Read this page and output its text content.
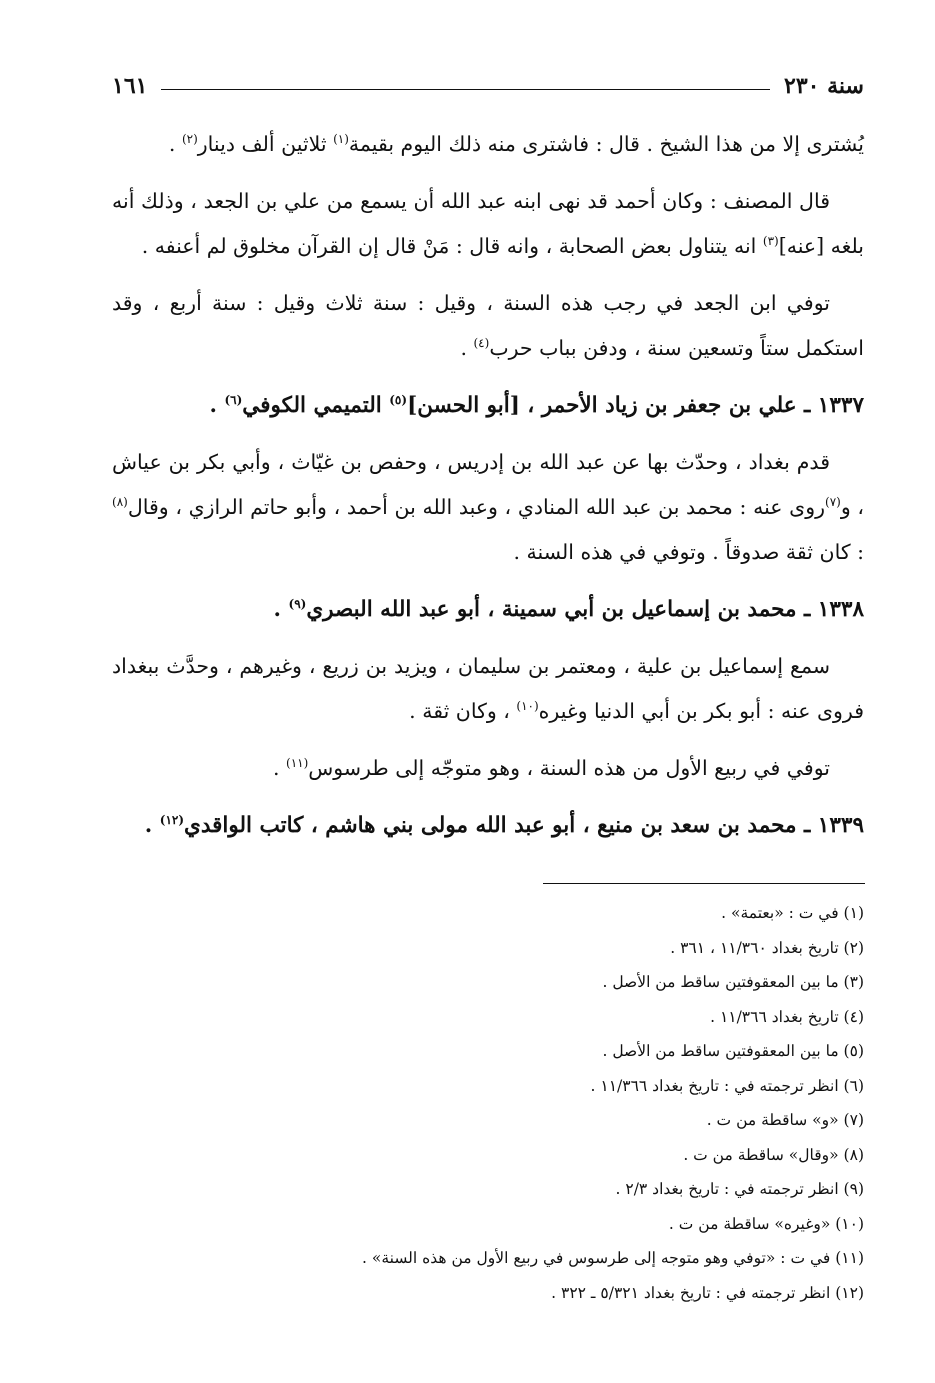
سنة ٢٣٠
١٦١

يُشترى إلا من هذا الشيخ . قال : فاشترى منه ذلك اليوم بقيمة$^{(١)}$ ثلاثين ألف دينار$^{(٢)}$ .

قال المصنف : وكان أحمد قد نهى ابنه عبد الله أن يسمع من علي بن الجعد ، وذلك أنه بلغه [عنه]$^{(٣)}$ انه يتناول بعض الصحابة ، وانه قال : مَنْ قال إن القرآن مخلوق لم أعنفه .

توفي ابن الجعد في رجب هذه السنة ، وقيل : سنة ثلاث وقيل : سنة أربع ، وقد استكمل ستاً وتسعين سنة ، ودفن بباب حرب$^{(٤)}$ .

١٣٣٧ ـ علي بن جعفر بن زياد الأحمر ، [أبو الحسن]$^{(٥)}$ التميمي الكوفي$^{(٦)}$ .

قدم بغداد ، وحدّث بها عن عبد الله بن إدريس ، وحفص بن غيّاث ، وأبي بكر بن عياش ، و$^{(٧)}$روى عنه : محمد بن عبد الله المنادي ، وعبد الله بن أحمد ، وأبو حاتم الرازي ، وقال$^{(٨)}$ : كان ثقة صدوقاً . وتوفي في هذه السنة .

١٣٣٨ ـ محمد بن إسماعيل بن أبي سمينة ، أبو عبد الله البصري$^{(٩)}$ .

سمع إسماعيل بن علية ، ومعتمر بن سليمان ، ويزيد بن زريع ، وغيرهم ، وحدَّث ببغداد فروى عنه : أبو بكر بن أبي الدنيا وغيره$^{(١٠)}$ ، وكان ثقة .

توفي في ربيع الأول من هذه السنة ، وهو متوجّه إلى طرسوس$^{(١١)}$ .

١٣٣٩ ـ محمد بن سعد بن منيع ، أبو عبد الله مولى بني هاشم ، كاتب الواقدي$^{(١٢)}$ .

(١) في ت : «بعتمة» .
(٢) تاريخ بغداد ١١/٣٦٠ ، ٣٦١ .
(٣) ما بين المعقوفتين ساقط من الأصل .
(٤) تاريخ بغداد ١١/٣٦٦ .
(٥) ما بين المعقوفتين ساقط من الأصل .
(٦) انظر ترجمته في : تاريخ بغداد ١١/٣٦٦ .
(٧) «و» ساقطة من ت .
(٨) «وقال» ساقطة من ت .
(٩) انظر ترجمته في : تاريخ بغداد ٢/٣ .
(١٠) «وغيره» ساقطة من ت .
(١١) في ت : «توفي وهو متوجه إلى طرسوس في ربيع الأول من هذه السنة» .
(١٢) انظر ترجمته في : تاريخ بغداد ٥/٣٢١ ـ ٣٢٢ .
